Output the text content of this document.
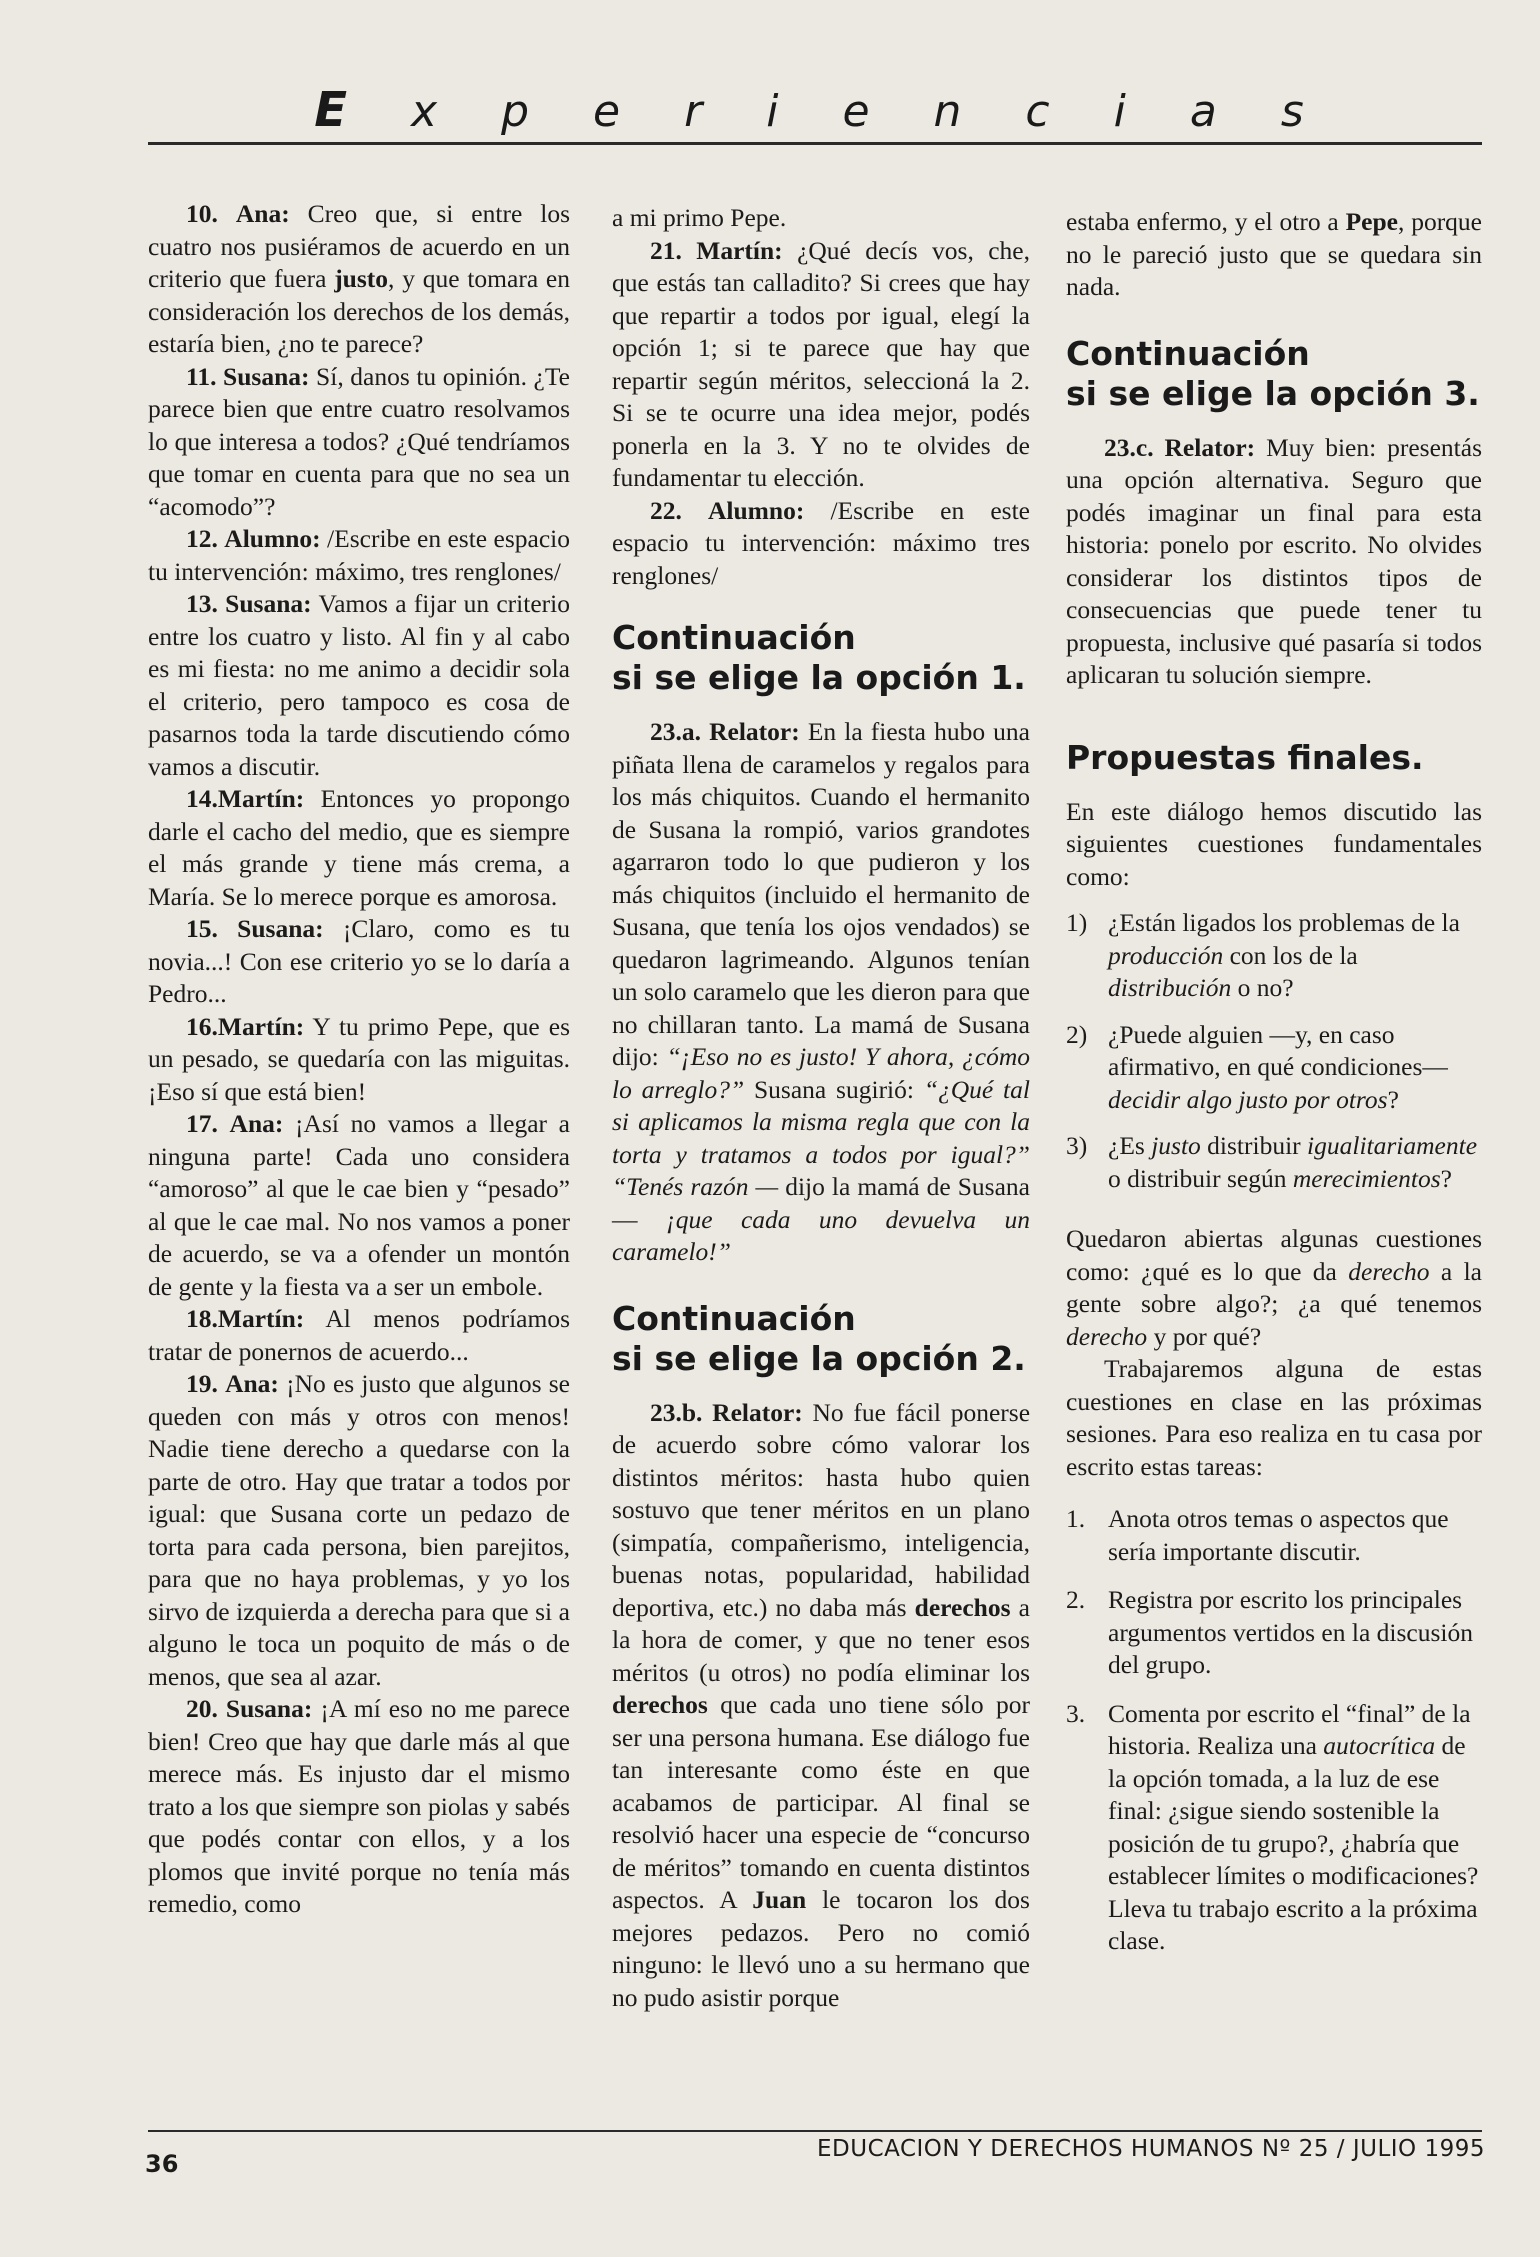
E x p e r i e n c i a s

10. Ana: Creo que, si entre los cuatro nos pusiéramos de acuerdo en un criterio que fuera justo, y que tomara en consideración los derechos de los demás, estaría bien, ¿no te parece?

11. Susana: Sí, danos tu opinión. ¿Te parece bien que entre cuatro resolvamos lo que interesa a todos? ¿Qué tendríamos que tomar en cuenta para que no sea un “acomodo”?

12. Alumno: /Escribe en este espacio tu intervención: máximo, tres renglones/

13. Susana: Vamos a fijar un criterio entre los cuatro y listo. Al fin y al cabo es mi fiesta: no me animo a decidir sola el criterio, pero tampoco es cosa de pasarnos toda la tarde discutiendo cómo vamos a discutir.

14.Martín: Entonces yo propongo darle el cacho del medio, que es siempre el más grande y tiene más crema, a María. Se lo merece porque es amorosa.

15. Susana: ¡Claro, como es tu novia...! Con ese criterio yo se lo daría a Pedro...

16.Martín: Y tu primo Pepe, que es un pesado, se quedaría con las miguitas. ¡Eso sí que está bien!

17. Ana: ¡Así no vamos a llegar a ninguna parte! Cada uno considera “amoroso” al que le cae bien y “pesado” al que le cae mal. No nos vamos a poner de acuerdo, se va a ofender un montón de gente y la fiesta va a ser un embole.

18.Martín: Al menos podríamos tratar de ponernos de acuerdo...

19. Ana: ¡No es justo que algunos se queden con más y otros con menos! Nadie tiene derecho a quedarse con la parte de otro. Hay que tratar a todos por igual: que Susana corte un pedazo de torta para cada persona, bien parejitos, para que no haya problemas, y yo los sirvo de izquierda a derecha para que si a alguno le toca un poquito de más o de menos, que sea al azar.

20. Susana: ¡A mí eso no me parece bien! Creo que hay que darle más al que merece más. Es injusto dar el mismo trato a los que siempre son piolas y sabés que podés contar con ellos, y a los plomos que invité porque no tenía más remedio, como

a mi primo Pepe.

21. Martín: ¿Qué decís vos, che, que estás tan calladito? Si crees que hay que repartir a todos por igual, elegí la opción 1; si te parece que hay que repartir según méritos, seleccioná la 2. Si se te ocurre una idea mejor, podés ponerla en la 3. Y no te olvides de fundamentar tu elección.

22. Alumno: /Escribe en este espacio tu intervención: máximo tres renglones/

Continuación
si se elige la opción 1.

23.a. Relator: En la fiesta hubo una piñata llena de caramelos y regalos para los más chiquitos. Cuando el hermanito de Susana la rompió, varios grandotes agarraron todo lo que pudieron y los más chiquitos (incluido el hermanito de Susana, que tenía los ojos vendados) se quedaron lagrimeando. Algunos tenían un solo caramelo que les dieron para que no chillaran tanto. La mamá de Susana dijo: “¡Eso no es justo! Y ahora, ¿cómo lo arreglo?” Susana sugirió: “¿Qué tal si aplicamos la misma regla que con la torta y tratamos a todos por igual?” “Tenés razón — dijo la mamá de Susana— ¡que cada uno devuelva un caramelo!”

Continuación
si se elige la opción 2.

23.b. Relator: No fue fácil ponerse de acuerdo sobre cómo valorar los distintos méritos: hasta hubo quien sostuvo que tener méritos en un plano (simpatía, compañerismo, inteligencia, buenas notas, popularidad, habilidad deportiva, etc.) no daba más derechos a la hora de comer, y que no tener esos méritos (u otros) no podía eliminar los derechos que cada uno tiene sólo por ser una persona humana. Ese diálogo fue tan interesante como éste en que acabamos de participar. Al final se resolvió hacer una especie de “concurso de méritos” tomando en cuenta distintos aspectos. A Juan le tocaron los dos mejores pedazos. Pero no comió ninguno: le llevó uno a su hermano que no pudo asistir porque

estaba enfermo, y el otro a Pepe, porque no le pareció justo que se quedara sin nada.

Continuación
si se elige la opción 3.

23.c. Relator: Muy bien: presentás una opción alternativa. Seguro que podés imaginar un final para esta historia: ponelo por escrito. No olvides considerar los distintos tipos de consecuencias que puede tener tu propuesta, inclusive qué pasaría si todos aplicaran tu solución siempre.

Propuestas finales.

En este diálogo hemos discutido las siguientes cuestiones fundamentales como:

1) ¿Están ligados los problemas de la producción con los de la distribución o no?
2) ¿Puede alguien —y, en caso afirmativo, en qué condiciones— decidir algo justo por otros?
3) ¿Es justo distribuir igualitariamente o distribuir según merecimientos?

Quedaron abiertas algunas cuestiones como: ¿qué es lo que da derecho a la gente sobre algo?; ¿a qué tenemos derecho y por qué?

Trabajaremos alguna de estas cuestiones en clase en las próximas sesiones. Para eso realiza en tu casa por escrito estas tareas:

1. Anota otros temas o aspectos que sería importante discutir.
2. Registra por escrito los principales argumentos vertidos en la discusión del grupo.
3. Comenta por escrito el “final” de la historia. Realiza una autocrítica de la opción tomada, a la luz de ese final: ¿sigue siendo sostenible la posición de tu grupo?, ¿habría que establecer límites o modificaciones?
Lleva tu trabajo escrito a la próxima clase.
36
EDUCACION Y DERECHOS HUMANOS Nº 25 / JULIO 1995
